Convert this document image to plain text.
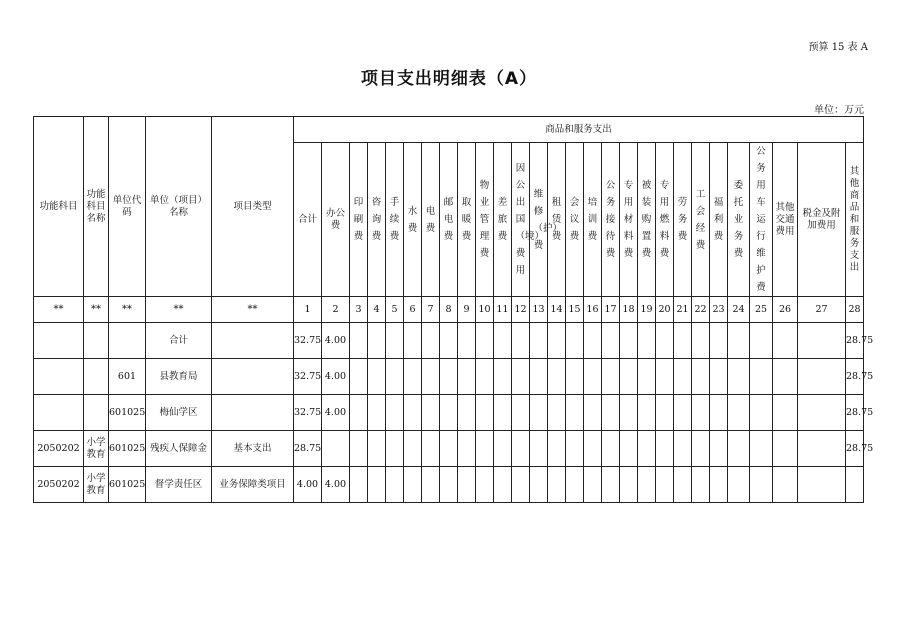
预算 15 表 A
项目支出明细表（A）
单位：万元
功能科目	功能科目名称	单位代码	单位（项目）名称	项目类型	商品和服务支出																											
					合计	办公费	印刷费	咨询费	手续费	水费	电费	邮电费	取暖费	物业管理费	差旅费	因公出国（境）费用	维修（护）费	租赁费	会议费	培训费	公务接待费	专用材料费	被装购置费	专用燃料费	劳务费	工会经费	福利费	委托业务费	公务用车运行维护费	其他交通费用	税金及附加费用	其他商品和服务支出
**	**	**	**	**	1	2	3	4	5	6	7	8	9	10	11	12	13	14	15	16	17	18	19	20	21	22	23	24	25	26	27	28
			合计		32.75	4.00																										28.75
		601	县教育局		32.75	4.00																										28.75
		601025	梅仙学区		32.75	4.00																										28.75
2050202	小学教育	601025	残疾人保障金	基本支出	28.75																											28.75
2050202	小学教育	601025	督学责任区	业务保障类项目	4.00	4.00																										
